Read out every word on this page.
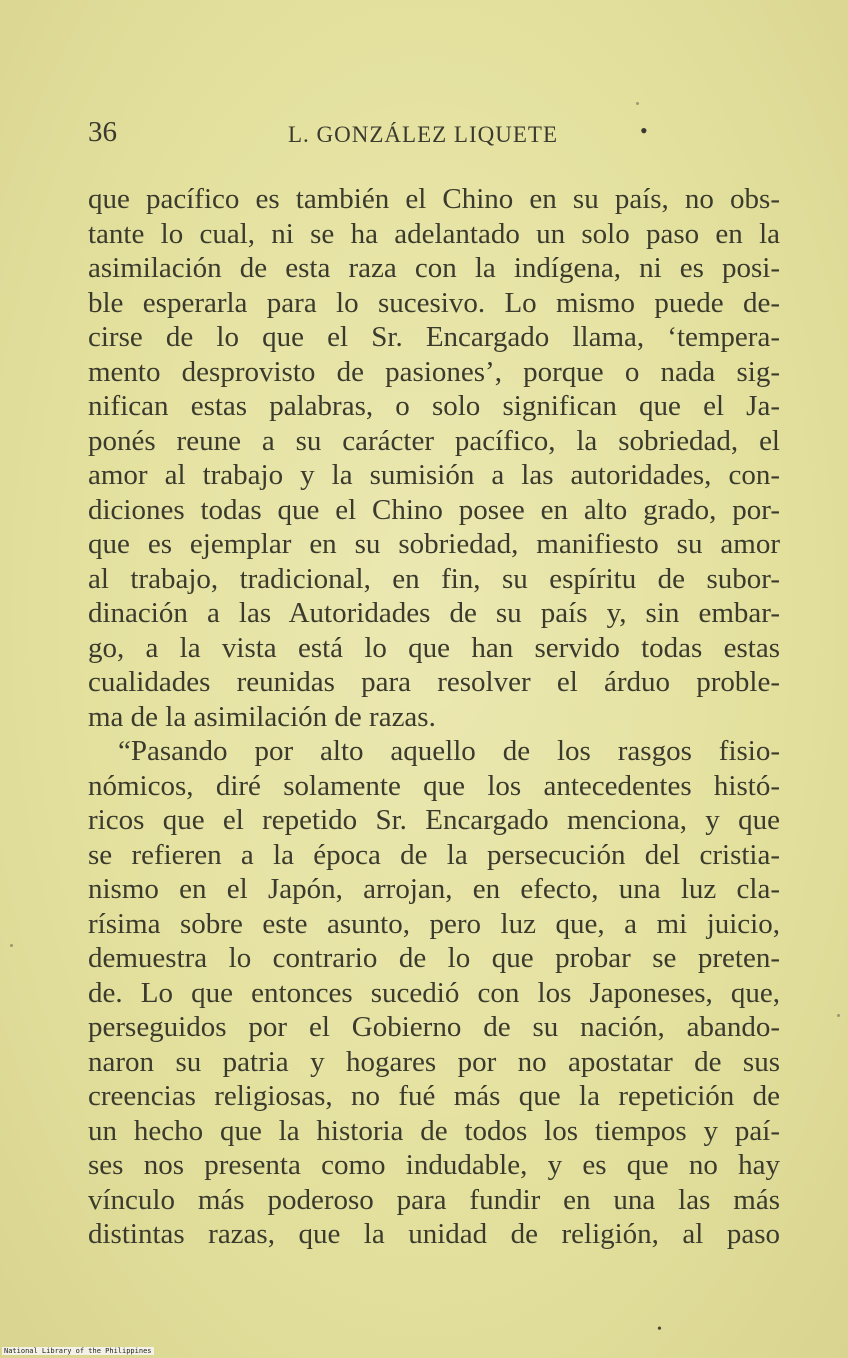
36	L. GONZÁLEZ LIQUETE	•
que pacífico es también el Chino en su país, no obs-
tante lo cual, ni se ha adelantado un solo paso en la
asimilación de esta raza con la indígena, ni es posi-
ble esperarla para lo sucesivo. Lo mismo puede de-
cirse de lo que el Sr. Encargado llama, ‘tempera-
mento desprovisto de pasiones’, porque o nada sig-
nifican estas palabras, o solo significan que el Ja-
ponés reune a su carácter pacífico, la sobriedad, el
amor al trabajo y la sumisión a las autoridades, con-
diciones todas que el Chino posee en alto grado, por-
que es ejemplar en su sobriedad, manifiesto su amor
al trabajo, tradicional, en fin, su espíritu de subor-
dinación a las Autoridades de su país y, sin embar-
go, a la vista está lo que han servido todas estas
cualidades reunidas para resolver el árduo proble-
ma de la asimilación de razas.
“Pasando por alto aquello de los rasgos fisio-
nómicos, diré solamente que los antecedentes histó-
ricos que el repetido Sr. Encargado menciona, y que
se refieren a la época de la persecución del cristia-
nismo en el Japón, arrojan, en efecto, una luz cla-
rísima sobre este asunto, pero luz que, a mi juicio,
demuestra lo contrario de lo que probar se preten-
de. Lo que entonces sucedió con los Japoneses, que,
perseguidos por el Gobierno de su nación, abando-
naron su patria y hogares por no apostatar de sus
creencias religiosas, no fué más que la repetición de
un hecho que la historia de todos los tiempos y paí-
ses nos presenta como indudable, y es que no hay
vínculo más poderoso para fundir en una las más
distintas razas, que la unidad de religión, al paso
•
National Library of the Philippines
